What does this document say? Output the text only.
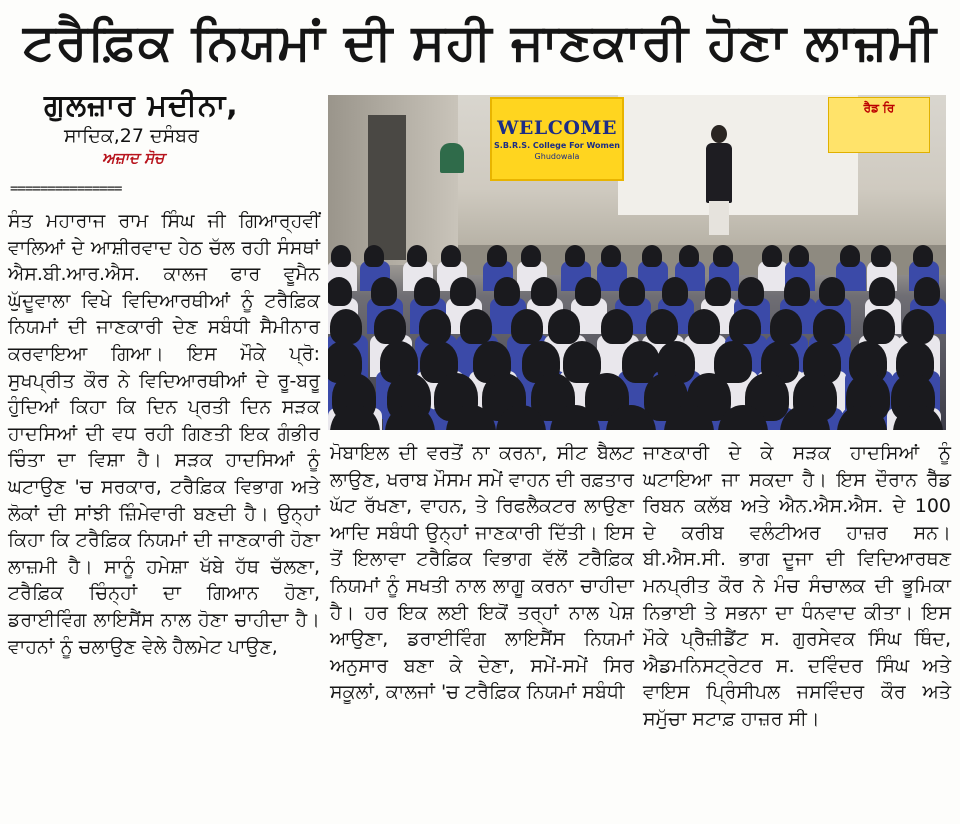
ਟਰੈਫ਼ਿਕ ਨਿਯਮਾਂ ਦੀ ਸਹੀ ਜਾਣਕਾਰੀ ਹੋਣਾ ਲਾਜ਼ਮੀ
ਗੁਲਜ਼ਾਰ ਮਦੀਨਾ,
ਸਾਦਿਕ,27 ਦਸੰਬਰ
ਅਜ਼ਾਦ ਸੋਚ
===============
WELCOME
S.B.R.S. College For Women
Ghudowala
ਰੈਡ ਰਿ
ਸੰਤ ਮਹਾਰਾਜ ਰਾਮ ਸਿੰਘ ਜੀ ਗਿਆਰ੍ਹਵੀਂ ਵਾਲਿਆਂ ਦੇ ਆਸ਼ੀਰਵਾਦ ਹੇਠ ਚੱਲ ਰਹੀ ਸੰਸਥਾਂ ਐਸ.ਬੀ.ਆਰ.ਐਸ. ਕਾਲਜ ਫਾਰ ਵੂਮੈਨ ਘੁੱਦੂਵਾਲਾ ਵਿਖੇ ਵਿਦਿਆਰਥੀਆਂ ਨੂੰ ਟਰੈਫ਼ਿਕ ਨਿਯਮਾਂ ਦੀ ਜਾਣਕਾਰੀ ਦੇਣ ਸਬੰਧੀ ਸੈਮੀਨਾਰ ਕਰਵਾਇਆ ਗਿਆ। ਇਸ ਮੌਕੇ ਪ੍ਰੋ: ਸੁਖਪ੍ਰੀਤ ਕੌਰ ਨੇ ਵਿਦਿਆਰਥੀਆਂ ਦੇ ਰੂ-ਬਰੂ ਹੁੰਦਿਆਂ ਕਿਹਾ ਕਿ ਦਿਨ ਪ੍ਰਤੀ ਦਿਨ ਸੜਕ ਹਾਦਸਿਆਂ ਦੀ ਵਧ ਰਹੀ ਗਿਣਤੀ ਇਕ ਗੰਭੀਰ ਚਿੰਤਾ ਦਾ ਵਿਸ਼ਾ ਹੈ। ਸੜਕ ਹਾਦਸਿਆਂ ਨੂੰ ਘਟਾਉਣ 'ਚ ਸਰਕਾਰ, ਟਰੈਫ਼ਿਕ ਵਿਭਾਗ ਅਤੇ ਲੋਕਾਂ ਦੀ ਸਾਂਝੀ ਜ਼ਿੰਮੇਵਾਰੀ ਬਣਦੀ ਹੈ। ਉਨ੍ਹਾਂ ਕਿਹਾ ਕਿ ਟਰੈਫ਼ਿਕ ਨਿਯਮਾਂ ਦੀ ਜਾਣਕਾਰੀ ਹੋਣਾ ਲਾਜ਼ਮੀ ਹੈ। ਸਾਨੂੰ ਹਮੇਸ਼ਾ ਖੱਬੇ ਹੱਥ ਚੱਲਣਾ, ਟਰੈਫ਼ਿਕ ਚਿੰਨ੍ਹਾਂ ਦਾ ਗਿਆਨ ਹੋਣਾ, ਡਰਾਈਵਿੰਗ ਲਾਇਸੈਂਸ ਨਾਲ ਹੋਣਾ ਚਾਹੀਦਾ ਹੈ। ਵਾਹਨਾਂ ਨੂੰ ਚਲਾਉਣ ਵੇਲੇ ਹੈਲਮੇਟ ਪਾਉਣ,
ਮੋਬਾਇਲ ਦੀ ਵਰਤੋਂ ਨਾ ਕਰਨਾ, ਸੀਟ ਬੈਲਟ ਲਾਉਣ, ਖਰਾਬ ਮੌਸਮ ਸਮੇਂ ਵਾਹਨ ਦੀ ਰਫ਼ਤਾਰ ਘੱਟ ਰੱਖਣਾ, ਵਾਹਨ, ਤੇ ਰਿਫਲੈਕਟਰ ਲਾਉਣਾ ਆਦਿ ਸਬੰਧੀ ਉਨ੍ਹਾਂ ਜਾਣਕਾਰੀ ਦਿੱਤੀ। ਇਸ ਤੋਂ ਇਲਾਵਾ ਟਰੈਫ਼ਿਕ ਵਿਭਾਗ ਵੱਲੋਂ ਟਰੈਫ਼ਿਕ ਨਿਯਮਾਂ ਨੂੰ ਸਖਤੀ ਨਾਲ ਲਾਗੂ ਕਰਨਾ ਚਾਹੀਦਾ ਹੈ। ਹਰ ਇਕ ਲਈ ਇਕੋਂ ਤਰ੍ਹਾਂ ਨਾਲ ਪੇਸ਼ ਆਉਣਾ, ਡਰਾਈਵਿੰਗ ਲਾਇਸੈਂਸ ਨਿਯਮਾਂ ਅਨੁਸਾਰ ਬਣਾ ਕੇ ਦੇਣਾ, ਸਮੇਂ-ਸਮੇਂ ਸਿਰ ਸਕੂਲਾਂ, ਕਾਲਜਾਂ 'ਚ ਟਰੈਫ਼ਿਕ ਨਿਯਮਾਂ ਸਬੰਧੀ
ਜਾਣਕਾਰੀ ਦੇ ਕੇ ਸੜਕ ਹਾਦਸਿਆਂ ਨੂੰ ਘਟਾਇਆ ਜਾ ਸਕਦਾ ਹੈ। ਇਸ ਦੌਰਾਨ ਰੈੱਡ ਰਿਬਨ ਕਲੱਬ ਅਤੇ ਐਨ.ਐਸ.ਐਸ. ਦੇ 100 ਦੇ ਕਰੀਬ ਵਲੰਟੀਅਰ ਹਾਜ਼ਰ ਸਨ। ਬੀ.ਐਸ.ਸੀ. ਭਾਗ ਦੂਜਾ ਦੀ ਵਿਦਿਆਰਥਣ ਮਨਪ੍ਰੀਤ ਕੌਰ ਨੇ ਮੰਚ ਸੰਚਾਲਕ ਦੀ ਭੂਮਿਕਾ ਨਿਭਾਈ ਤੇ ਸਭਨਾ ਦਾ ਧੰਨਵਾਦ ਕੀਤਾ। ਇਸ ਮੌਕੇ ਪ੍ਰੈਜ਼ੀਡੈਂਟ ਸ. ਗੁਰਸੇਵਕ ਸਿੰਘ ਥਿੰਦ, ਐਡਮਨਿਸਟ੍ਰੇਟਰ ਸ. ਦਵਿੰਦਰ ਸਿੰਘ ਅਤੇ ਵਾਇਸ ਪ੍ਰਿੰਸੀਪਲ ਜਸਵਿੰਦਰ ਕੌਰ ਅਤੇ ਸਮੁੱਚਾ ਸਟਾਫ਼ ਹਾਜ਼ਰ ਸੀ।
